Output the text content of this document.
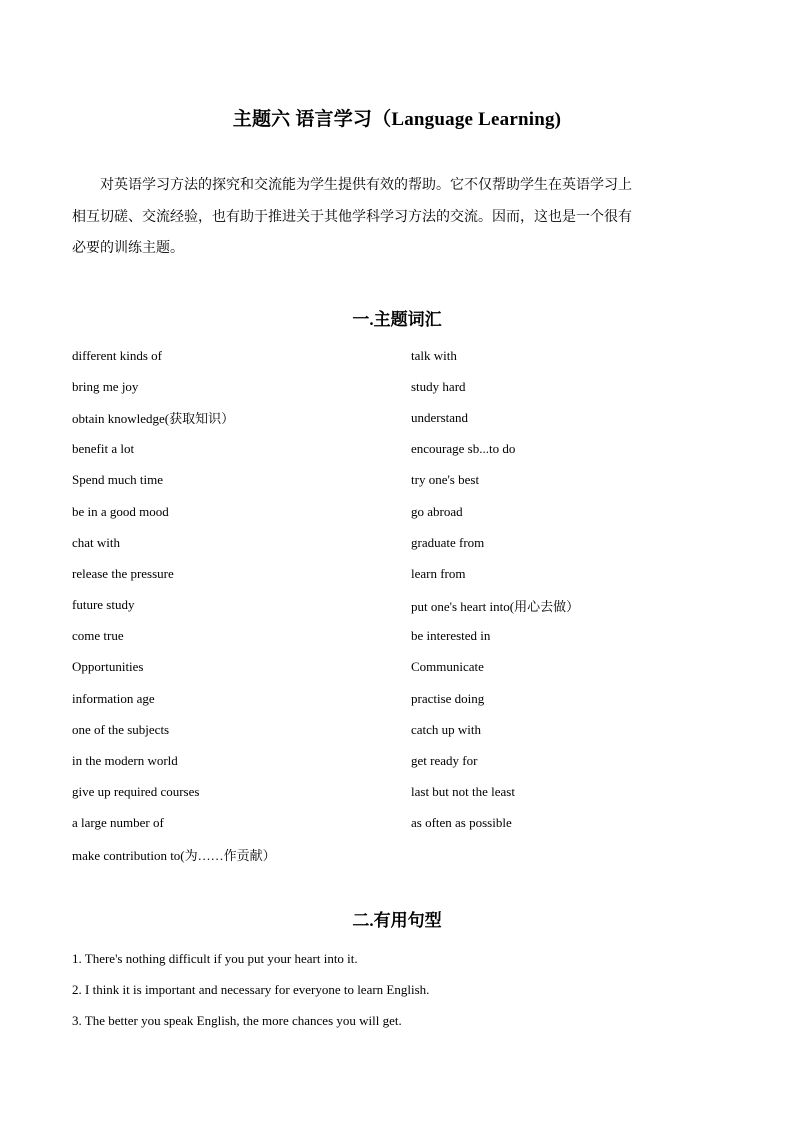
主题六 语言学习（Language Learning)

对英语学习方法的探究和交流能为学生提供有效的帮助。它不仅帮助学生在英语学习上相互切磋、交流经验，也有助于推进关于其他学科学习方法的交流。因而，这也是一个很有必要的训练主题。

一.主题词汇
different kinds of	talk with
bring me joy	study hard
obtain knowledge(获取知识）	understand
benefit a lot	encourage sb...to do
Spend much time	try one's best
be in a good mood	go abroad
chat with	graduate from
release the pressure	learn from
future study	put one's heart into(用心去做）
come true	be interested in
Opportunities	Communicate
information age	practise doing
one of the subjects	catch up with
in the modern world	get ready for
give up required courses	last but not the least
a large number of	as often as possible
make contribution to(为……作贡献）
二.有用句型
1. There's nothing difficult if you put your heart into it.
2. I think it is important and necessary for everyone to learn English.
3. The better you speak English, the more chances you will get.
